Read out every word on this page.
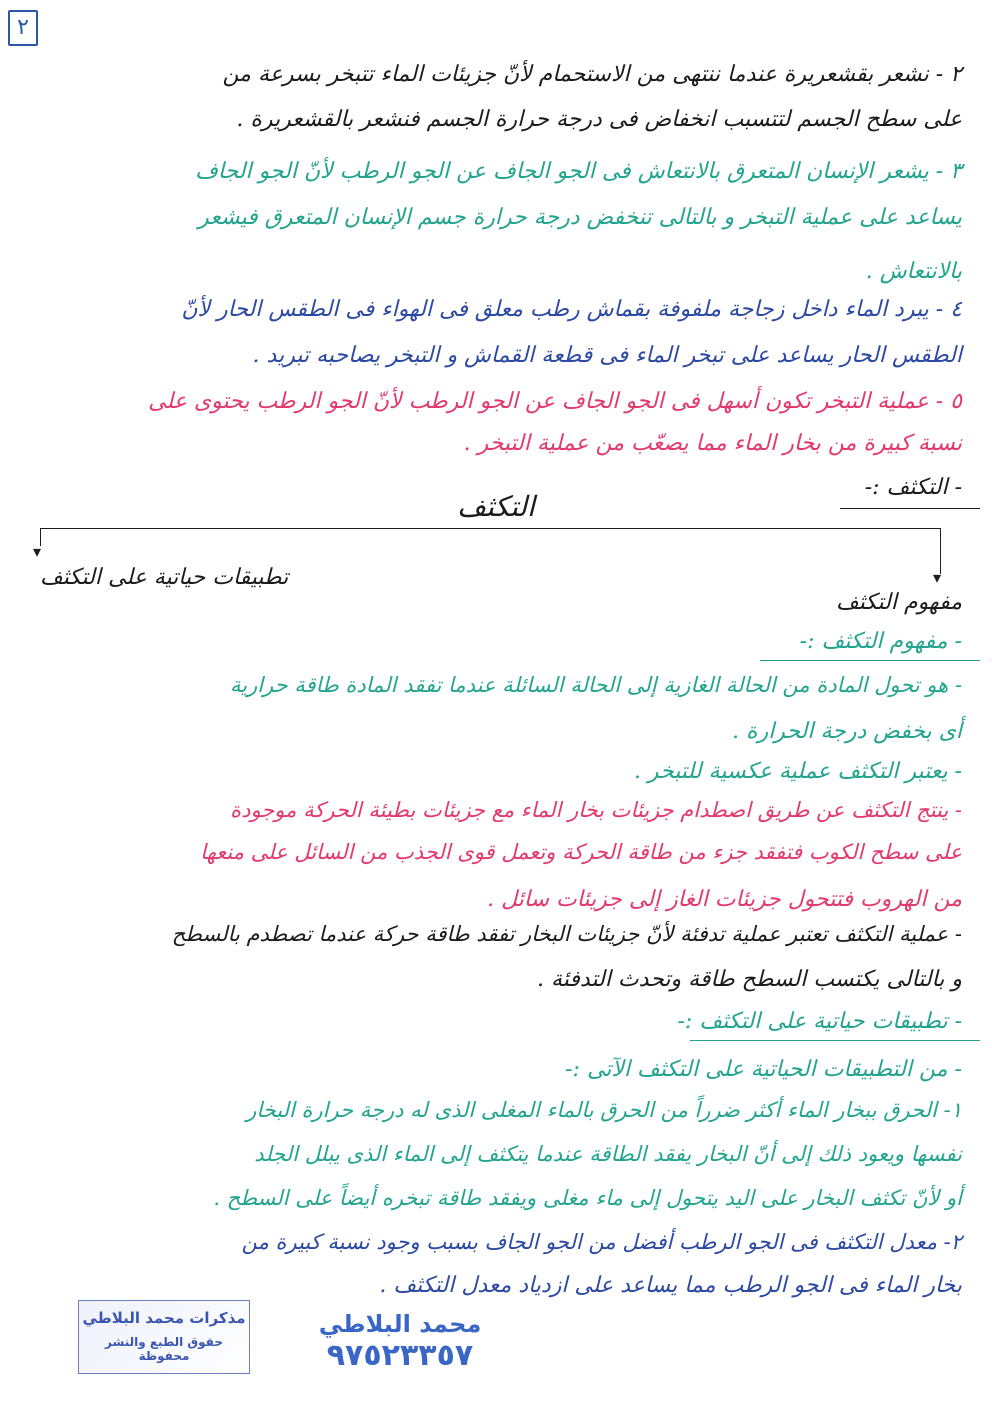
٢
٢ - نشعر بقشعريرة عندما ننتهى من الاستحمام لأنّ جزيئات الماء تتبخر بسرعة من
على سطح الجسم لتتسبب انخفاض فى درجة حرارة الجسم فنشعر بالقشعريرة .
٣ - يشعر الإنسان المتعرق بالانتعاش فى الجو الجاف عن الجو الرطب لأنّ الجو الجاف
يساعد على عملية التبخر و بالتالى تنخفض درجة حرارة جسم الإنسان المتعرق فيشعر
بالانتعاش .
٤ - يبرد الماء داخل زجاجة ملفوفة بقماش رطب معلق فى الهواء فى الطقس الحار لأنّ
الطقس الحار يساعد على تبخر الماء فى قطعة القماش و التبخر يصاحبه تبريد .
٥ - عملية التبخر تكون أسهل فى الجو الجاف عن الجو الرطب لأنّ الجو الرطب يحتوى على
نسبة كبيرة من بخار الماء مما يصعّب من عملية التبخر .
- التكثف :-
التكثف
▾
▾
تطبيقات حياتية على التكثف
مفهوم التكثف
- مفهوم التكثف :-
- هو تحول المادة من الحالة الغازية إلى الحالة السائلة عندما تفقد المادة طاقة حرارية
أى بخفض درجة الحرارة .
- يعتبر التكثف عملية عكسية للتبخر .
- ينتج التكثف عن طريق اصطدام جزيئات بخار الماء مع جزيئات بطيئة الحركة موجودة
على سطح الكوب فتفقد جزء من طاقة الحركة وتعمل قوى الجذب من السائل على منعها
من الهروب فتتحول جزيئات الغاز إلى جزيئات سائل .
- عملية التكثف تعتبر عملية تدفئة لأنّ جزيئات البخار تفقد طاقة حركة عندما تصطدم بالسطح
و بالتالى يكتسب السطح طاقة وتحدث التدفئة .
- تطبيقات حياتية على التكثف :-
- من التطبيقات الحياتية على التكثف الآتى :-
١- الحرق ببخار الماء أكثر ضرراً من الحرق بالماء المغلى الذى له درجة حرارة البخار
نفسها ويعود ذلك إلى أنّ البخار يفقد الطاقة عندما يتكثف إلى الماء الذى يبلل الجلد
أو لأنّ تكثف البخار على اليد يتحول إلى ماء مغلى ويفقد طاقة تبخره أيضاً على السطح .
٢- معدل التكثف فى الجو الرطب أفضل من الجو الجاف بسبب وجود نسبة كبيرة من
بخار الماء فى الجو الرطب مما يساعد على ازدياد معدل التكثف .
مذكرات محمد البلاطي
حقوق الطبع والنشر محفوظة
محمد البلاطي
٩٧٥٢٣٣٥٧
